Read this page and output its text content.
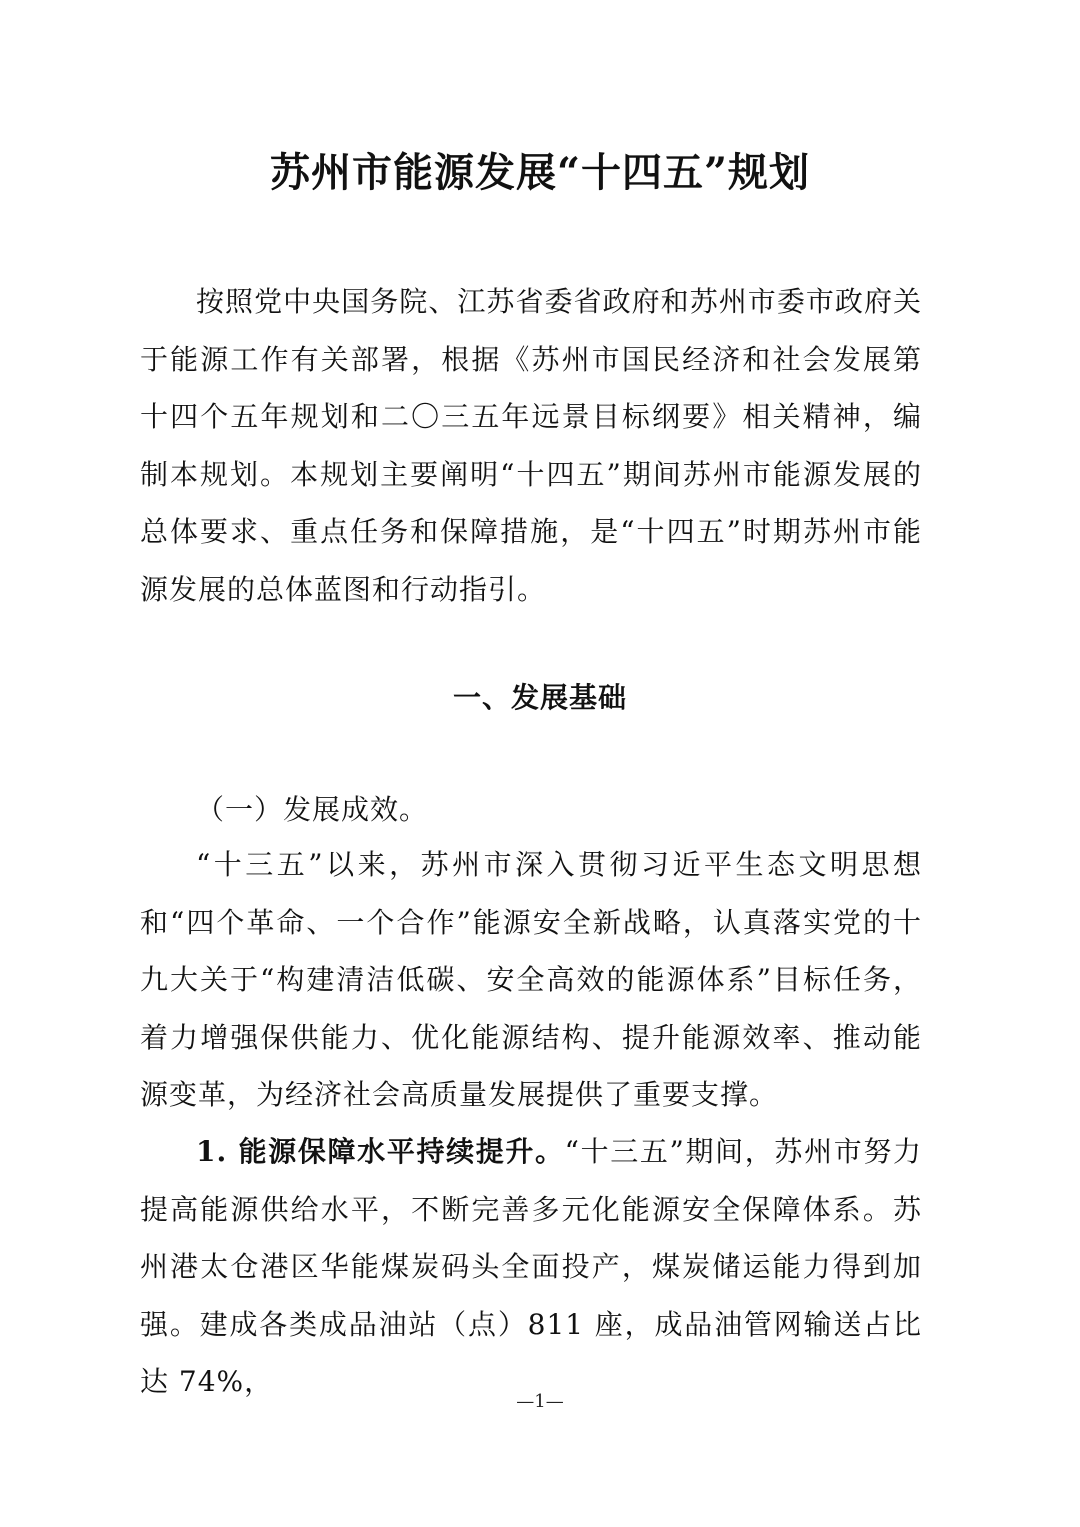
苏州市能源发展“十四五”规划
按照党中央国务院、江苏省委省政府和苏州市委市政府关于能源工作有关部署，根据《苏州市国民经济和社会发展第十四个五年规划和二〇三五年远景目标纲要》相关精神，编制本规划。本规划主要阐明“十四五”期间苏州市能源发展的总体要求、重点任务和保障措施，是“十四五”时期苏州市能源发展的总体蓝图和行动指引。
一、发展基础
（一）发展成效。
“十三五”以来，苏州市深入贯彻习近平生态文明思想和“四个革命、一个合作”能源安全新战略，认真落实党的十九大关于“构建清洁低碳、安全高效的能源体系”目标任务，着力增强保供能力、优化能源结构、提升能源效率、推动能源变革，为经济社会高质量发展提供了重要支撑。
1. 能源保障水平持续提升。“十三五”期间，苏州市努力提高能源供给水平，不断完善多元化能源安全保障体系。苏州港太仓港区华能煤炭码头全面投产，煤炭储运能力得到加强。建成各类成品油站（点）811 座，成品油管网输送占比达 74%，
—1—
